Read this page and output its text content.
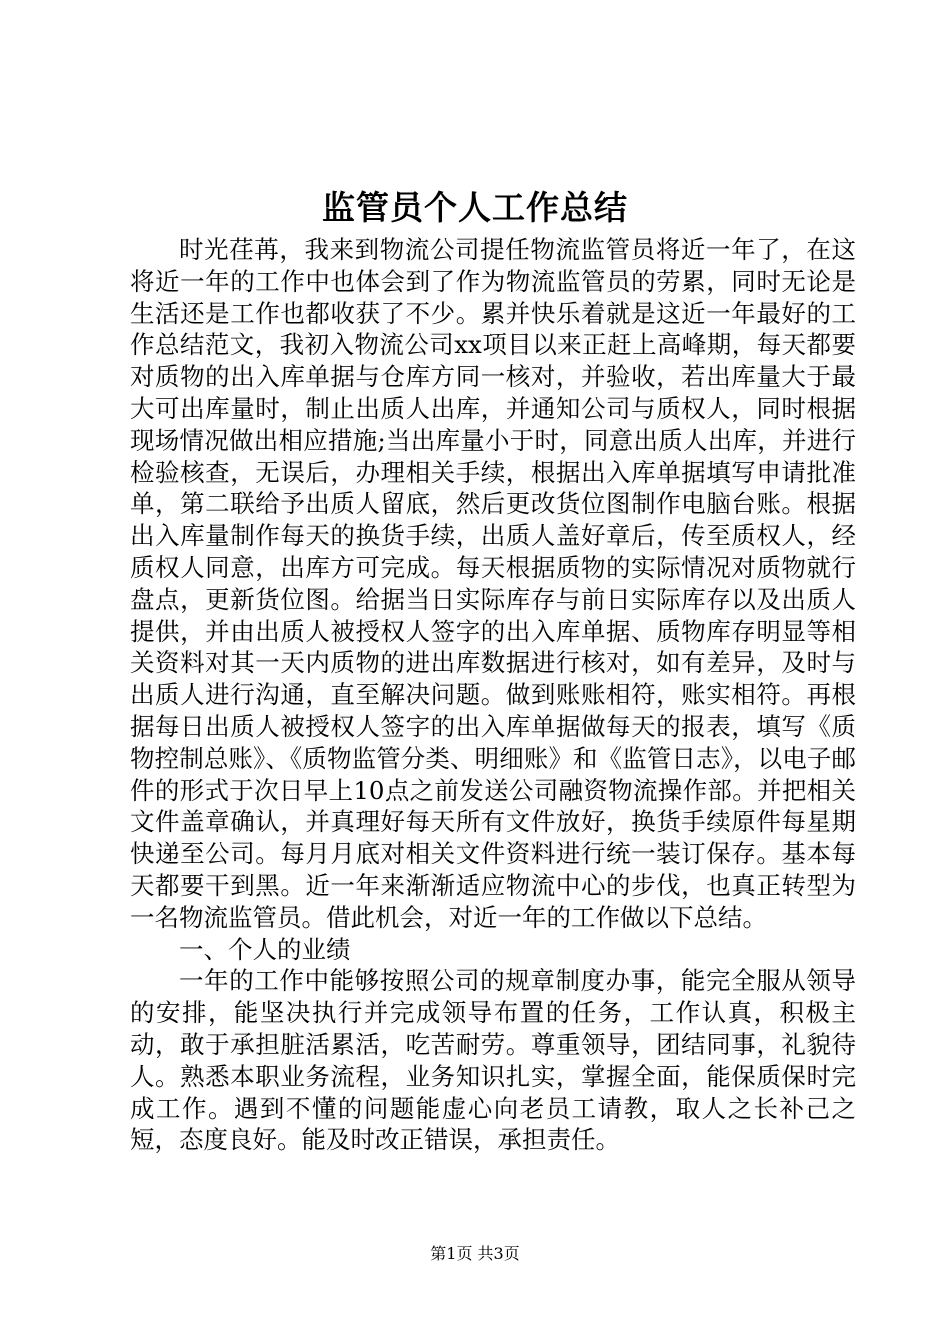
监管员个人工作总结

时光荏苒，我来到物流公司提任物流监管员将近一年了，在这将近一年的工作中也体会到了作为物流监管员的劳累，同时无论是生活还是工作也都收获了不少。累并快乐着就是这近一年最好的工作总结范文，我初入物流公司xx项目以来正赶上高峰期，每天都要对质物的出入库单据与仓库方同一核对，并验收，若出库量大于最大可出库量时，制止出质人出库，并通知公司与质权人，同时根据现场情况做出相应措施;当出库量小于时，同意出质人出库，并进行检验核查，无误后，办理相关手续，根据出入库单据填写申请批准单，第二联给予出质人留底，然后更改货位图制作电脑台账。根据出入库量制作每天的换货手续，出质人盖好章后，传至质权人，经质权人同意，出库方可完成。每天根据质物的实际情况对质物就行盘点，更新货位图。给据当日实际库存与前日实际库存以及出质人提供，并由出质人被授权人签字的出入库单据、质物库存明显等相关资料对其一天内质物的进出库数据进行核对，如有差异，及时与出质人进行沟通，直至解决问题。做到账账相符，账实相符。再根据每日出质人被授权人签字的出入库单据做每天的报表，填写《质物控制总账》、《质物监管分类、明细账》和《监管日志》，以电子邮件的形式于次日早上10点之前发送公司融资物流操作部。并把相关文件盖章确认，并真理好每天所有文件放好，换货手续原件每星期快递至公司。每月月底对相关文件资料进行统一装订保存。基本每天都要干到黑。近一年来渐渐适应物流中心的步伐，也真正转型为一名物流监管员。借此机会，对近一年的工作做以下总结。

一、个人的业绩

一年的工作中能够按照公司的规章制度办事，能完全服从领导的安排，能坚决执行并完成领导布置的任务，工作认真，积极主动，敢于承担脏活累活，吃苦耐劳。尊重领导，团结同事，礼貌待人。熟悉本职业务流程，业务知识扎实，掌握全面，能保质保时完成工作。遇到不懂的问题能虚心向老员工请教，取人之长补己之短，态度良好。能及时改正错误，承担责任。

第1页 共3页
